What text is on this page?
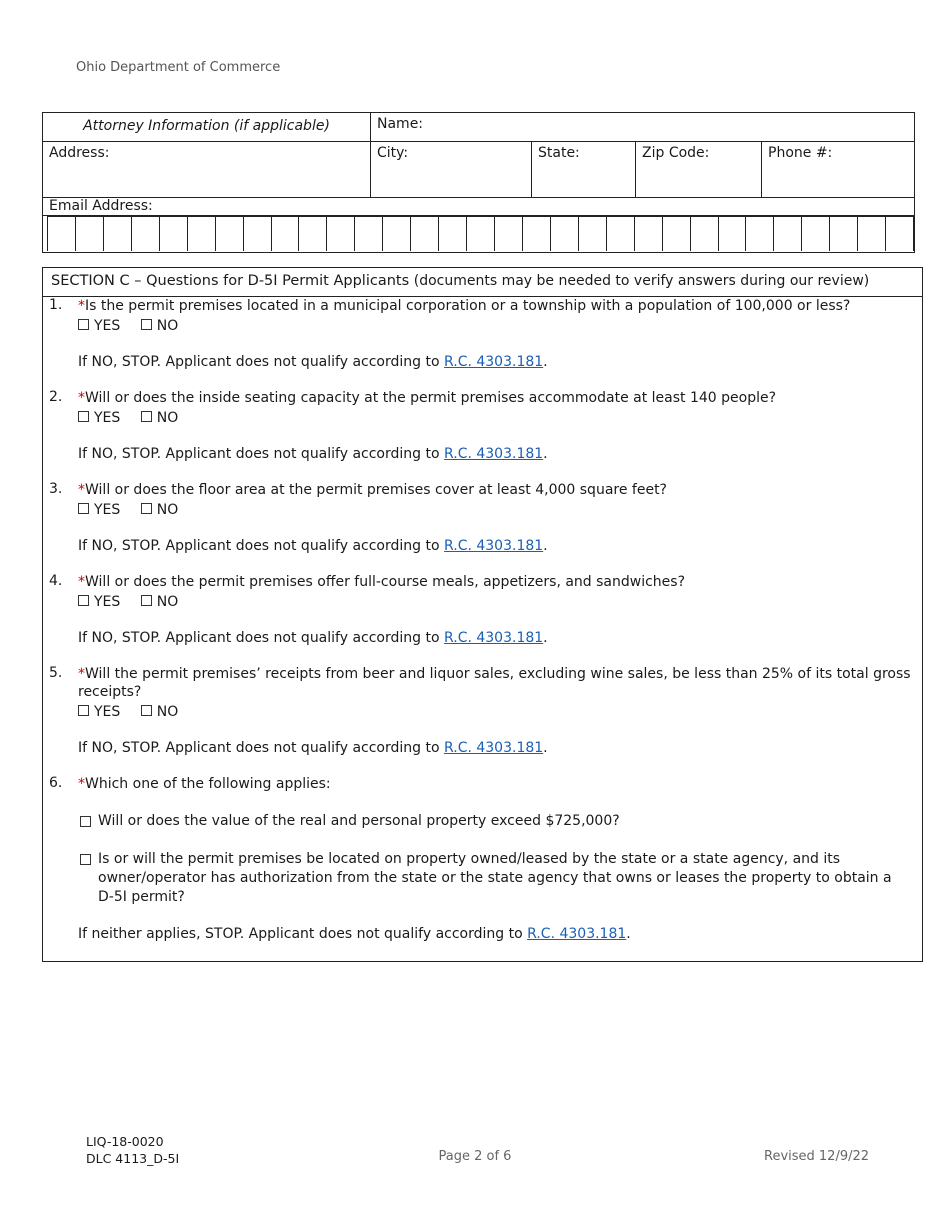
Ohio Department of Commerce
Attorney Information (if applicable)	Name:
Address:	City:	State:	Zip Code:	Phone #:
Email Address:
SECTION C – Questions for D-5I Permit Applicants (documents may be needed to verify answers during our review)
1. *Is the permit premises located in a municipal corporation or a township with a population of 100,000 or less?
YES	NO
If NO, STOP. Applicant does not qualify according to R.C. 4303.181.
2. *Will or does the inside seating capacity at the permit premises accommodate at least 140 people?
YES	NO
If NO, STOP. Applicant does not qualify according to R.C. 4303.181.
3. *Will or does the floor area at the permit premises cover at least 4,000 square feet?
YES	NO
If NO, STOP. Applicant does not qualify according to R.C. 4303.181.
4. *Will or does the permit premises offer full-course meals, appetizers, and sandwiches?
YES	NO
If NO, STOP. Applicant does not qualify according to R.C. 4303.181.
5. *Will the permit premises’ receipts from beer and liquor sales, excluding wine sales, be less than 25% of its total gross receipts?
YES	NO
If NO, STOP. Applicant does not qualify according to R.C. 4303.181.
6. *Which one of the following applies:
Will or does the value of the real and personal property exceed $725,000?
Is or will the permit premises be located on property owned/leased by the state or a state agency, and its owner/operator has authorization from the state or the state agency that owns or leases the property to obtain a D-5I permit?
If neither applies, STOP. Applicant does not qualify according to R.C. 4303.181.
LIQ-18-0020
DLC 4113_D-5I	Page 2 of 6	Revised 12/9/22
